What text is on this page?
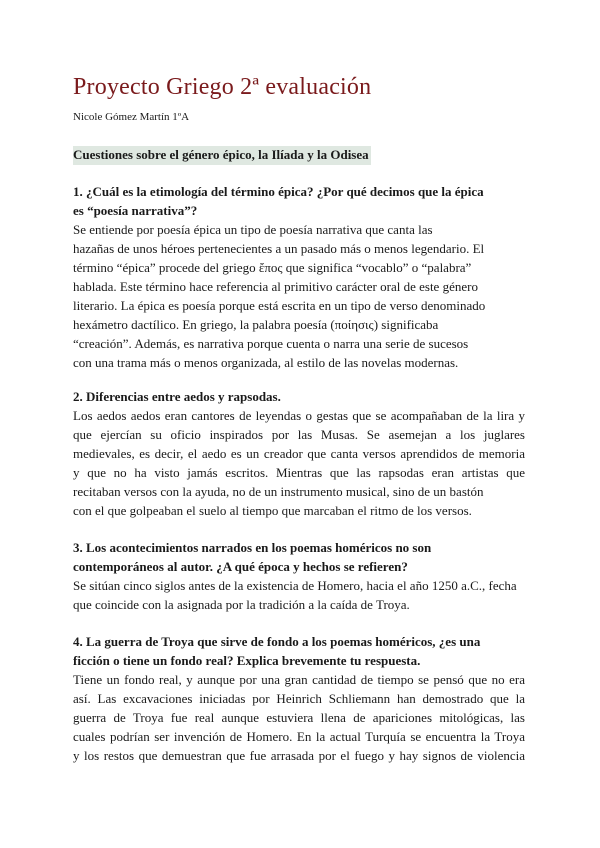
Proyecto Griego 2ª evaluación
Nicole Gómez Martín 1ºA
Cuestiones sobre el género épico, la Ilíada y la Odisea
1. ¿Cuál es la etimología del término épica? ¿Por qué decimos que la épica
es “poesía narrativa”?

Se entiende por poesía épica un tipo de poesía narrativa que canta las
hazañas de unos héroes pertenecientes a un pasado más o menos legendario. El
término “épica” procede del griego ἔπος que significa “vocablo” o “palabra”
hablada. Este término hace referencia al primitivo carácter oral de este género
literario. La épica es poesía porque está escrita en un tipo de verso denominado
hexámetro dactílico. En griego, la palabra poesía (ποίησις) significaba
“creación”. Además, es narrativa porque cuenta o narra una serie de sucesos
con una trama más o menos organizada, al estilo de las novelas modernas.

2. Diferencias entre aedos y rapsodas.

Los aedos aedos eran cantores de leyendas o gestas que se acompañaban de la lira y
que ejercían su oficio inspirados por las Musas. Se asemejan a los juglares
medievales, es decir, el aedo es un creador que canta versos aprendidos de memoria
y que no ha visto jamás escritos. Mientras que las rapsodas eran artistas que
recitaban versos con la ayuda, no de un instrumento musical, sino de un bastón
con el que golpeaban el suelo al tiempo que marcaban el ritmo de los versos.

3. Los acontecimientos narrados en los poemas homéricos no son
contemporáneos al autor. ¿A qué época y hechos se refieren?

Se sitúan cinco siglos antes de la existencia de Homero, hacia el año 1250 a.C., fecha
que coincide con la asignada por la tradición a la caída de Troya.

4. La guerra de Troya que sirve de fondo a los poemas homéricos, ¿es una
ficción o tiene un fondo real? Explica brevemente tu respuesta.

Tiene un fondo real, y aunque por una gran cantidad de tiempo se pensó que no era
así. Las excavaciones iniciadas por Heinrich Schliemann han demostrado que la
guerra de Troya fue real aunque estuviera llena de apariciones mitológicas, las
cuales podrían ser invención de Homero. En la actual Turquía se encuentra la Troya
y los restos que demuestran que fue arrasada por el fuego y hay signos de violencia
